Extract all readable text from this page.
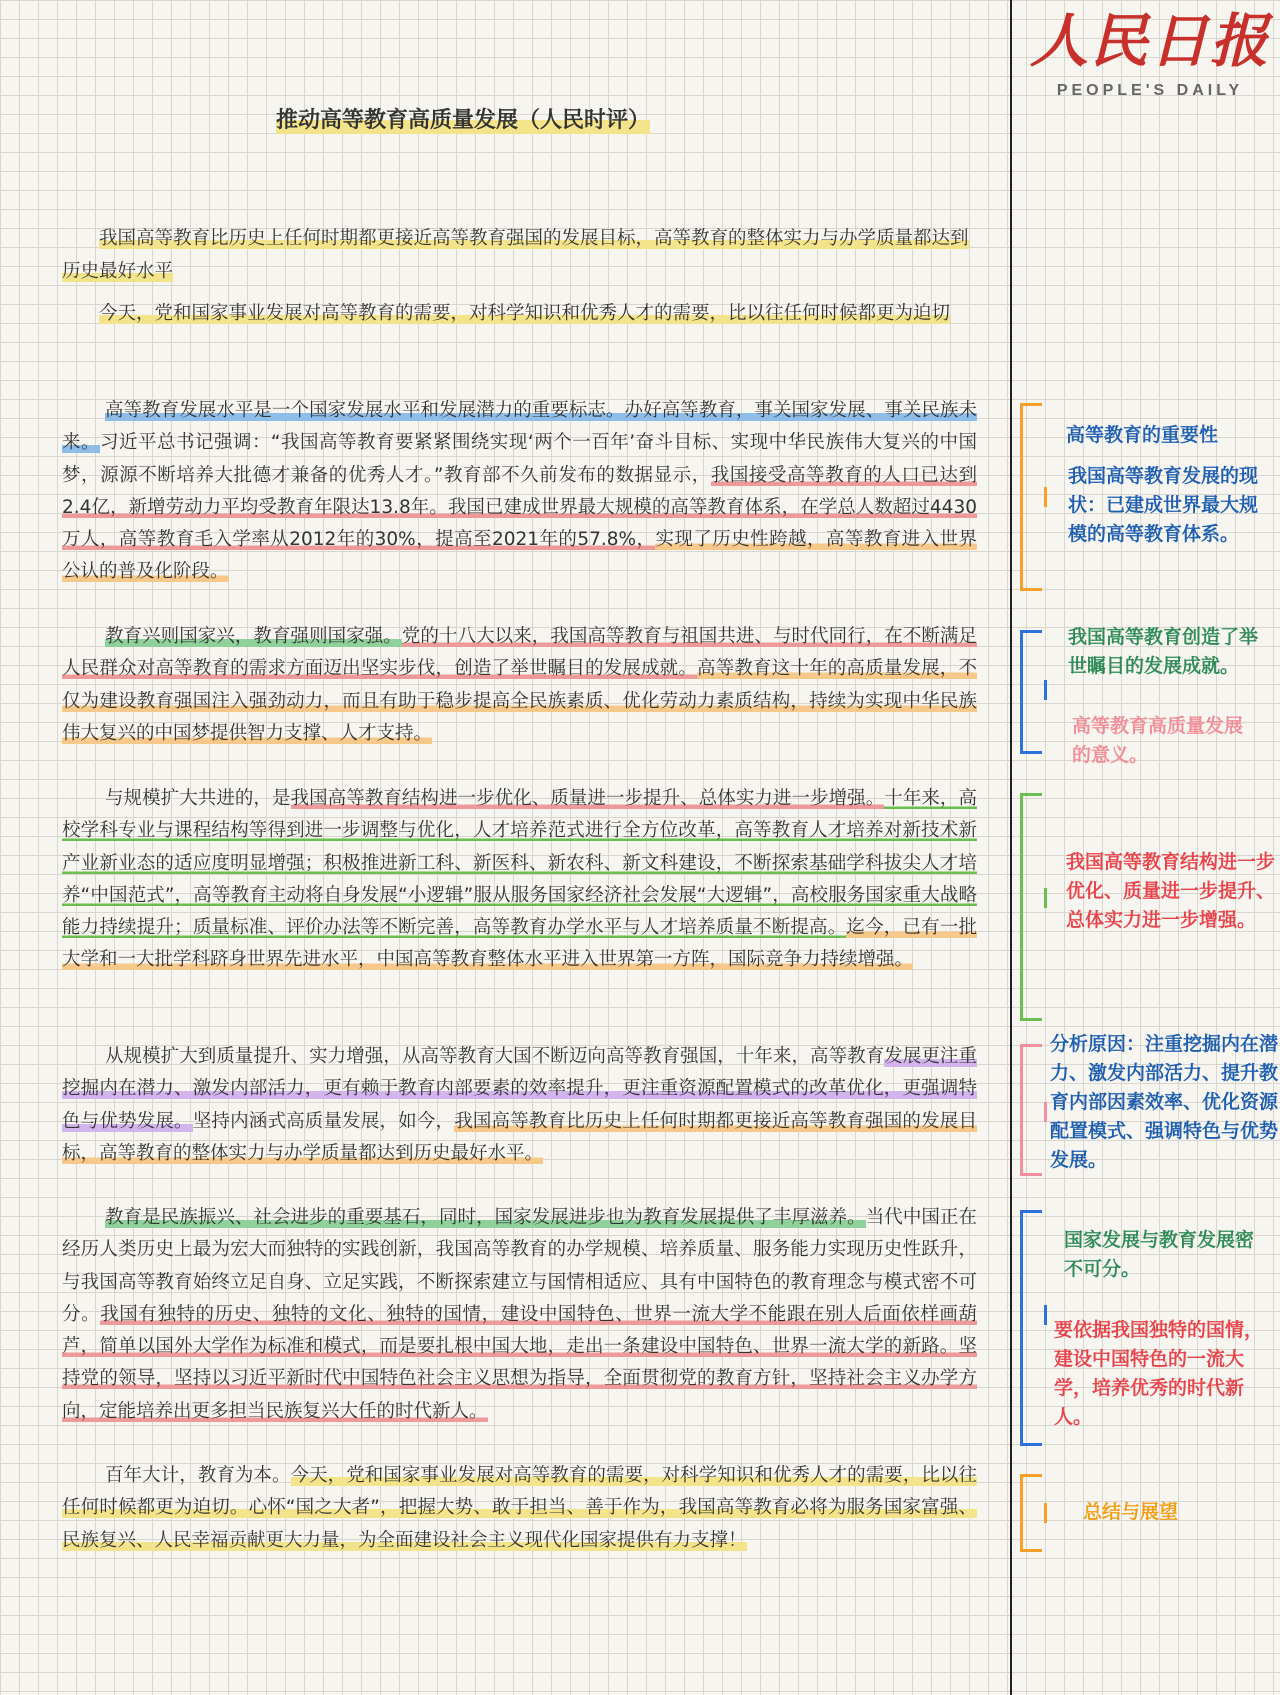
人民日报
PEOPLE'S DAILY
推动高等教育高质量发展（人民时评）

我国高等教育比历史上任何时期都更接近高等教育强国的发展目标，高等教育的整体实力与办学质量都达到历史最好水平

今天，党和国家事业发展对高等教育的需要，对科学知识和优秀人才的需要，比以往任何时候都更为迫切

高等教育发展水平是一个国家发展水平和发展潜力的重要标志。办好高等教育，事关国家发展、事关民族未来。习近平总书记强调：“我国高等教育要紧紧围绕实现‘两个一百年’奋斗目标、实现中华民族伟大复兴的中国梦，源源不断培养大批德才兼备的优秀人才。”教育部不久前发布的数据显示，我国接受高等教育的人口已达到2.4亿，新增劳动力平均受教育年限达13.8年。我国已建成世界最大规模的高等教育体系，在学总人数超过4430万人，高等教育毛入学率从2012年的30%，提高至2021年的57.8%，实现了历史性跨越，高等教育进入世界公认的普及化阶段。

教育兴则国家兴，教育强则国家强。党的十八大以来，我国高等教育与祖国共进、与时代同行，在不断满足人民群众对高等教育的需求方面迈出坚实步伐，创造了举世瞩目的发展成就。高等教育这十年的高质量发展，不仅为建设教育强国注入强劲动力，而且有助于稳步提高全民族素质、优化劳动力素质结构，持续为实现中华民族伟大复兴的中国梦提供智力支撑、人才支持。

与规模扩大共进的，是我国高等教育结构进一步优化、质量进一步提升、总体实力进一步增强。十年来，高校学科专业与课程结构等得到进一步调整与优化，人才培养范式进行全方位改革，高等教育人才培养对新技术新产业新业态的适应度明显增强；积极推进新工科、新医科、新农科、新文科建设，不断探索基础学科拔尖人才培养“中国范式”，高等教育主动将自身发展“小逻辑”服从服务国家经济社会发展“大逻辑”，高校服务国家重大战略能力持续提升；质量标准、评价办法等不断完善，高等教育办学水平与人才培养质量不断提高。迄今，已有一批大学和一大批学科跻身世界先进水平，中国高等教育整体水平进入世界第一方阵，国际竞争力持续增强。

从规模扩大到质量提升、实力增强，从高等教育大国不断迈向高等教育强国，十年来，高等教育发展更注重挖掘内在潜力、激发内部活力，更有赖于教育内部要素的效率提升，更注重资源配置模式的改革优化，更强调特色与优势发展。坚持内涵式高质量发展，如今，我国高等教育比历史上任何时期都更接近高等教育强国的发展目标，高等教育的整体实力与办学质量都达到历史最好水平。

教育是民族振兴、社会进步的重要基石，同时，国家发展进步也为教育发展提供了丰厚滋养。当代中国正在经历人类历史上最为宏大而独特的实践创新，我国高等教育的办学规模、培养质量、服务能力实现历史性跃升，与我国高等教育始终立足自身、立足实践，不断探索建立与国情相适应、具有中国特色的教育理念与模式密不可分。我国有独特的历史、独特的文化、独特的国情，建设中国特色、世界一流大学不能跟在别人后面依样画葫芦，简单以国外大学作为标准和模式，而是要扎根中国大地，走出一条建设中国特色、世界一流大学的新路。坚持党的领导，坚持以习近平新时代中国特色社会主义思想为指导，全面贯彻党的教育方针，坚持社会主义办学方向，定能培养出更多担当民族复兴大任的时代新人。

百年大计，教育为本。今天，党和国家事业发展对高等教育的需要，对科学知识和优秀人才的需要，比以往任何时候都更为迫切。心怀“国之大者”，把握大势、敢于担当、善于作为，我国高等教育必将为服务国家富强、民族复兴、人民幸福贡献更大力量，为全面建设社会主义现代化国家提供有力支撑！

高等教育的重要性

我国高等教育发展的现状：已建成世界最大规模的高等教育体系。

我国高等教育创造了举世瞩目的发展成就。

高等教育高质量发展的意义。

我国高等教育结构进一步优化、质量进一步提升、总体实力进一步增强。

分析原因：注重挖掘内在潜力、激发内部活力、提升教育内部因素效率、优化资源配置模式、强调特色与优势发展。

国家发展与教育发展密不可分。

要依据我国独特的国情，建设中国特色的一流大学，培养优秀的时代新人。

总结与展望
